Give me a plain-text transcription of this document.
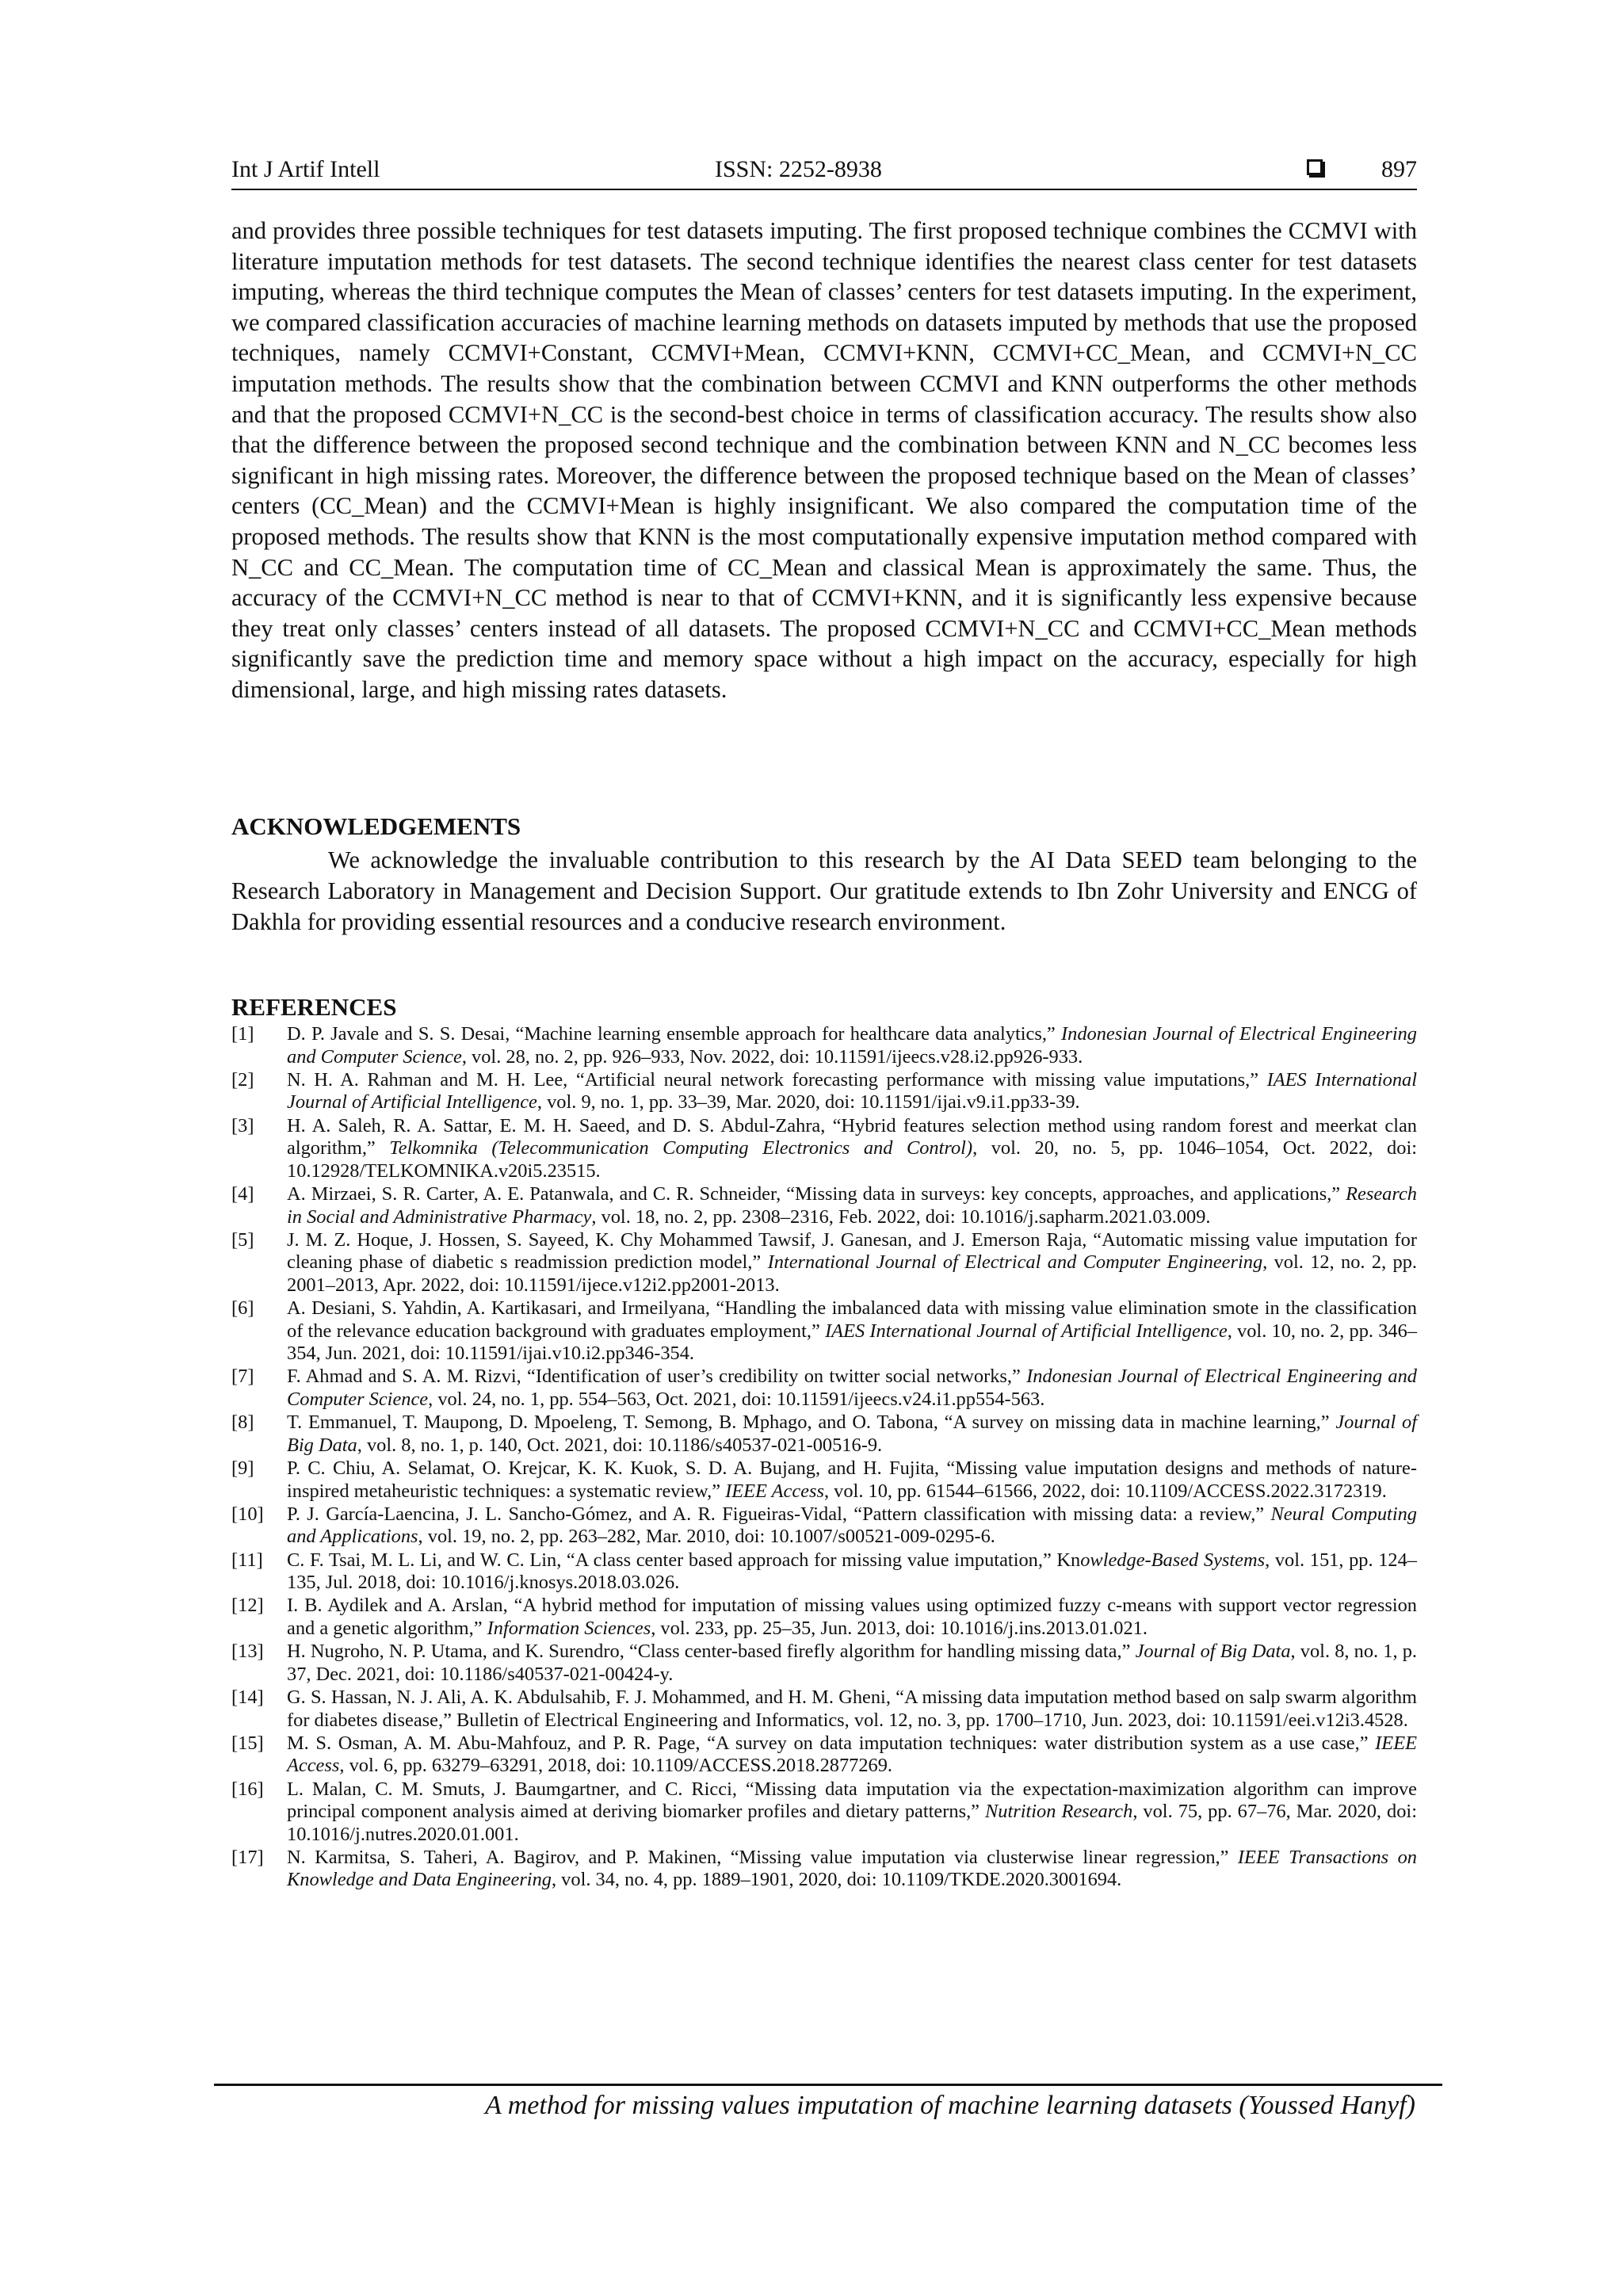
Int J Artif Intell	ISSN: 2252-8938	897

and provides three possible techniques for test datasets imputing. The first proposed technique combines the CCMVI with literature imputation methods for test datasets. The second technique identifies the nearest class center for test datasets imputing, whereas the third technique computes the Mean of classes’ centers for test datasets imputing. In the experiment, we compared classification accuracies of machine learning methods on datasets imputed by methods that use the proposed techniques, namely CCMVI+Constant, CCMVI+Mean, CCMVI+KNN, CCMVI+CC_Mean, and CCMVI+N_CC imputation methods. The results show that the combination between CCMVI and KNN outperforms the other methods and that the proposed CCMVI+N_CC is the second-best choice in terms of classification accuracy. The results show also that the difference between the proposed second technique and the combination between KNN and N_CC becomes less significant in high missing rates. Moreover, the difference between the proposed technique based on the Mean of classes’ centers (CC_Mean) and the CCMVI+Mean is highly insignificant. We also compared the computation time of the proposed methods. The results show that KNN is the most computationally expensive imputation method compared with N_CC and CC_Mean. The computation time of CC_Mean and classical Mean is approximately the same. Thus, the accuracy of the CCMVI+N_CC method is near to that of CCMVI+KNN, and it is significantly less expensive because they treat only classes’ centers instead of all datasets. The proposed CCMVI+N_CC and CCMVI+CC_Mean methods significantly save the prediction time and memory space without a high impact on the accuracy, especially for high dimensional, large, and high missing rates datasets.

ACKNOWLEDGEMENTS

We acknowledge the invaluable contribution to this research by the AI Data SEED team belonging to the Research Laboratory in Management and Decision Support. Our gratitude extends to Ibn Zohr University and ENCG of Dakhla for providing essential resources and a conducive research environment.

REFERENCES
[1] D. P. Javale and S. S. Desai, “Machine learning ensemble approach for healthcare data analytics,” Indonesian Journal of Electrical Engineering and Computer Science, vol. 28, no. 2, pp. 926–933, Nov. 2022, doi: 10.11591/ijeecs.v28.i2.pp926-933.
[2] N. H. A. Rahman and M. H. Lee, “Artificial neural network forecasting performance with missing value imputations,” IAES International Journal of Artificial Intelligence, vol. 9, no. 1, pp. 33–39, Mar. 2020, doi: 10.11591/ijai.v9.i1.pp33-39.
[3] H. A. Saleh, R. A. Sattar, E. M. H. Saeed, and D. S. Abdul-Zahra, “Hybrid features selection method using random forest and meerkat clan algorithm,” Telkomnika (Telecommunication Computing Electronics and Control), vol. 20, no. 5, pp. 1046–1054, Oct. 2022, doi: 10.12928/TELKOMNIKA.v20i5.23515.
[4] A. Mirzaei, S. R. Carter, A. E. Patanwala, and C. R. Schneider, “Missing data in surveys: key concepts, approaches, and applications,” Research in Social and Administrative Pharmacy, vol. 18, no. 2, pp. 2308–2316, Feb. 2022, doi: 10.1016/j.sapharm.2021.03.009.
[5] J. M. Z. Hoque, J. Hossen, S. Sayeed, K. Chy Mohammed Tawsif, J. Ganesan, and J. Emerson Raja, “Automatic missing value imputation for cleaning phase of diabetic s readmission prediction model,” International Journal of Electrical and Computer Engineering, vol. 12, no. 2, pp. 2001–2013, Apr. 2022, doi: 10.11591/ijece.v12i2.pp2001-2013.
[6] A. Desiani, S. Yahdin, A. Kartikasari, and Irmeilyana, “Handling the imbalanced data with missing value elimination smote in the classification of the relevance education background with graduates employment,” IAES International Journal of Artificial Intelligence, vol. 10, no. 2, pp. 346–354, Jun. 2021, doi: 10.11591/ijai.v10.i2.pp346-354.
[7] F. Ahmad and S. A. M. Rizvi, “Identification of user’s credibility on twitter social networks,” Indonesian Journal of Electrical Engineering and Computer Science, vol. 24, no. 1, pp. 554–563, Oct. 2021, doi: 10.11591/ijeecs.v24.i1.pp554-563.
[8] T. Emmanuel, T. Maupong, D. Mpoeleng, T. Semong, B. Mphago, and O. Tabona, “A survey on missing data in machine learning,” Journal of Big Data, vol. 8, no. 1, p. 140, Oct. 2021, doi: 10.1186/s40537-021-00516-9.
[9] P. C. Chiu, A. Selamat, O. Krejcar, K. K. Kuok, S. D. A. Bujang, and H. Fujita, “Missing value imputation designs and methods of nature-inspired metaheuristic techniques: a systematic review,” IEEE Access, vol. 10, pp. 61544–61566, 2022, doi: 10.1109/ACCESS.2022.3172319.
[10] P. J. García-Laencina, J. L. Sancho-Gómez, and A. R. Figueiras-Vidal, “Pattern classification with missing data: a review,” Neural Computing and Applications, vol. 19, no. 2, pp. 263–282, Mar. 2010, doi: 10.1007/s00521-009-0295-6.
[11] C. F. Tsai, M. L. Li, and W. C. Lin, “A class center based approach for missing value imputation,” Knowledge-Based Systems, vol. 151, pp. 124–135, Jul. 2018, doi: 10.1016/j.knosys.2018.03.026.
[12] I. B. Aydilek and A. Arslan, “A hybrid method for imputation of missing values using optimized fuzzy c-means with support vector regression and a genetic algorithm,” Information Sciences, vol. 233, pp. 25–35, Jun. 2013, doi: 10.1016/j.ins.2013.01.021.
[13] H. Nugroho, N. P. Utama, and K. Surendro, “Class center-based firefly algorithm for handling missing data,” Journal of Big Data, vol. 8, no. 1, p. 37, Dec. 2021, doi: 10.1186/s40537-021-00424-y.
[14] G. S. Hassan, N. J. Ali, A. K. Abdulsahib, F. J. Mohammed, and H. M. Gheni, “A missing data imputation method based on salp swarm algorithm for diabetes disease,” Bulletin of Electrical Engineering and Informatics, vol. 12, no. 3, pp. 1700–1710, Jun. 2023, doi: 10.11591/eei.v12i3.4528.
[15] M. S. Osman, A. M. Abu-Mahfouz, and P. R. Page, “A survey on data imputation techniques: water distribution system as a use case,” IEEE Access, vol. 6, pp. 63279–63291, 2018, doi: 10.1109/ACCESS.2018.2877269.
[16] L. Malan, C. M. Smuts, J. Baumgartner, and C. Ricci, “Missing data imputation via the expectation-maximization algorithm can improve principal component analysis aimed at deriving biomarker profiles and dietary patterns,” Nutrition Research, vol. 75, pp. 67–76, Mar. 2020, doi: 10.1016/j.nutres.2020.01.001.
[17] N. Karmitsa, S. Taheri, A. Bagirov, and P. Makinen, “Missing value imputation via clusterwise linear regression,” IEEE Transactions on Knowledge and Data Engineering, vol. 34, no. 4, pp. 1889–1901, 2020, doi: 10.1109/TKDE.2020.3001694.
A method for missing values imputation of machine learning datasets (Youssed Hanyf)
